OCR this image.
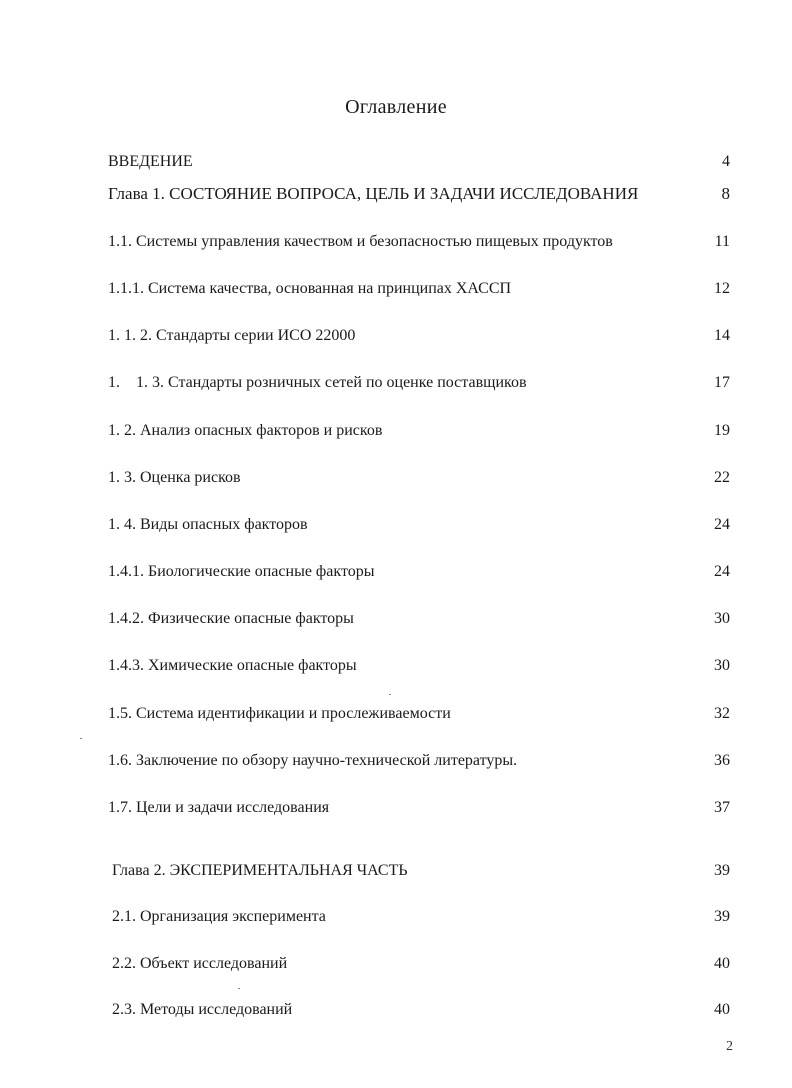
Оглавление
ВВЕДЕНИЕ	4
Глава 1. СОСТОЯНИЕ ВОПРОСА, ЦЕЛЬ И ЗАДАЧИ ИССЛЕДОВАНИЯ	8
1.1. Системы управления качеством и безопасностью пищевых продуктов	11
1.1.1. Система качества, основанная на принципах ХАССП	12
1. 1. 2. Стандарты серии ИСО 22000	14
1.    1. 3. Стандарты розничных сетей по оценке поставщиков	17
1. 2. Анализ опасных факторов и рисков	19
1. 3. Оценка рисков	22
1. 4. Виды опасных факторов	24
1.4.1. Биологические опасные факторы	24
1.4.2. Физические опасные факторы	30
1.4.3. Химические опасные факторы	30
1.5. Система идентификации и прослеживаемости	32
1.6. Заключение по обзору научно-технической литературы.	36
1.7. Цели и задачи исследования	37
Глава 2. ЭКСПЕРИМЕНТАЛЬНАЯ ЧАСТЬ	39
2.1. Организация эксперимента	39
2.2. Объект исследований	40
2.3. Методы исследований	40
2
